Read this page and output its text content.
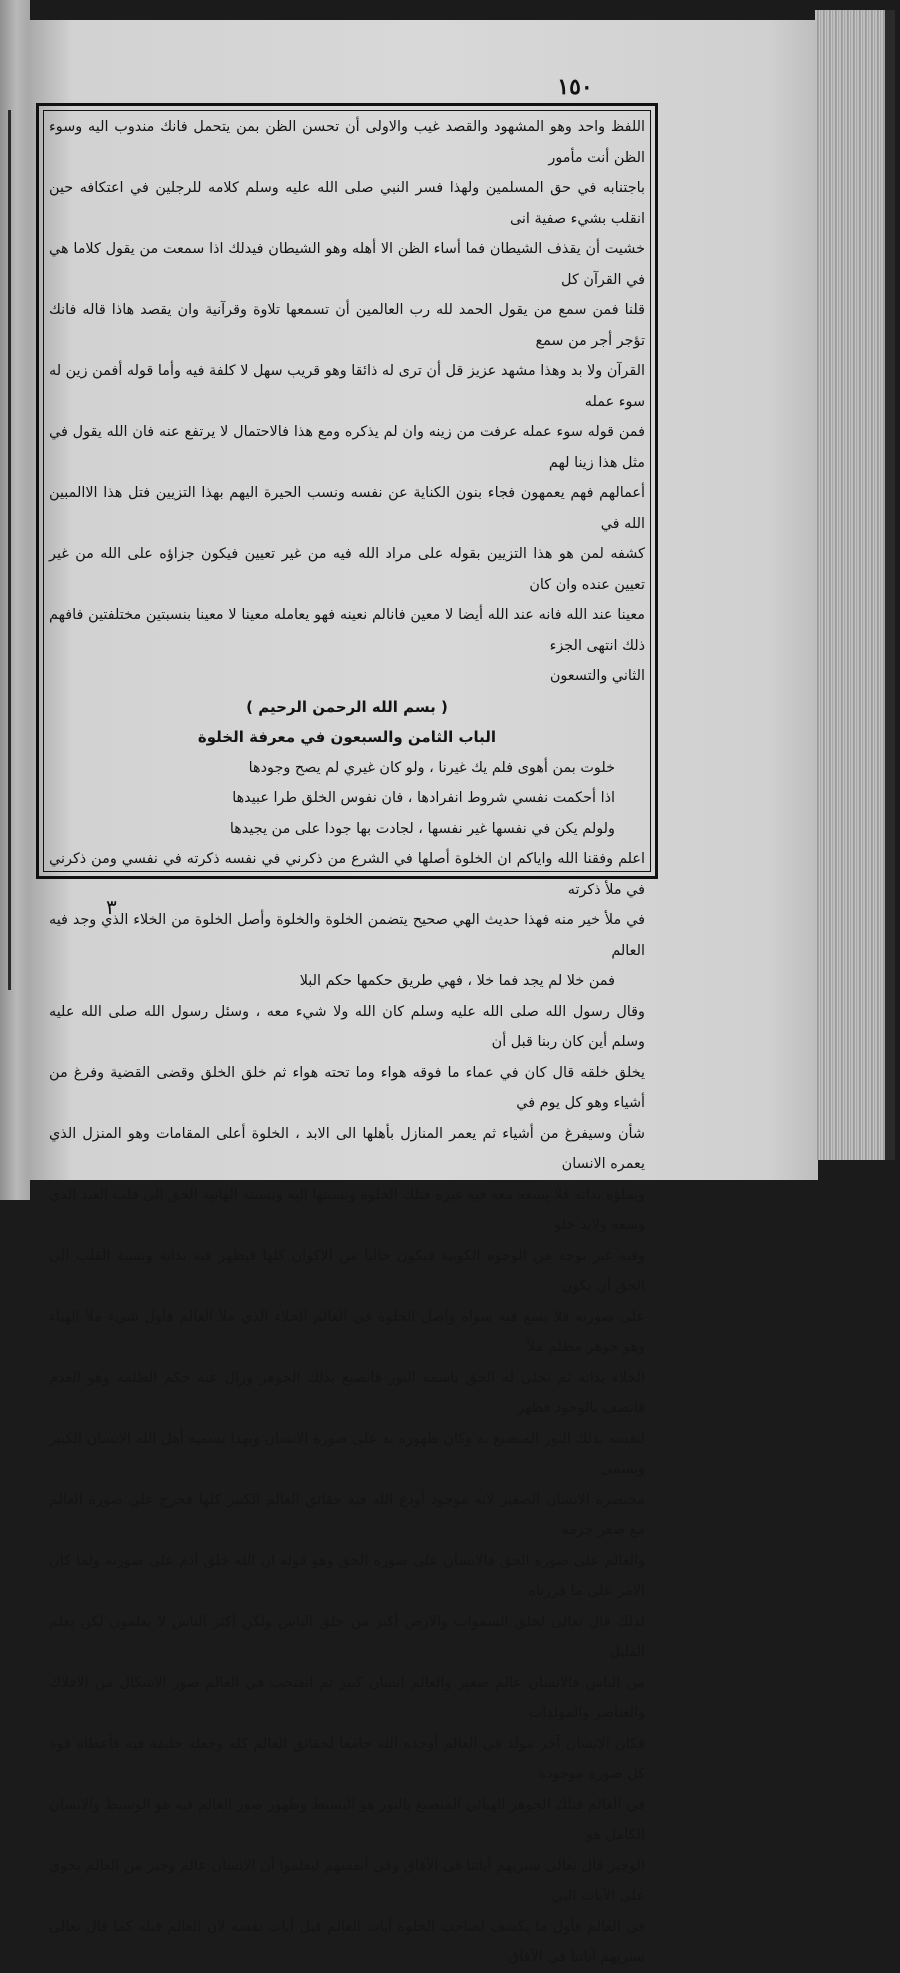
١٥٠

اللفظ واحد وهو المشهود والقصد غيب والاولى أن تحسن الظن بمن يتحمل فانك مندوب اليه وسوء الظن أنت مأمور

باجتنابه في حق المسلمين ولهذا فسر النبي صلى الله عليه وسلم كلامه للرجلين في اعتكافه حين انقلب بشيء صفية انى

خشيت أن يقذف الشيطان فما أساء الظن الا أهله وهو الشيطان فيدلك اذا سمعت من يقول كلاما هي في القرآن كل

قلنا فمن سمع من يقول الحمد لله رب العالمين أن تسمعها تلاوة وقرآنية وان يقصد هاذا قاله فانك تؤجر أجر من سمع

القرآن ولا بد وهذا مشهد عزيز قل أن ترى له ذائقا وهو قريب سهل لا كلفة فيه وأما قوله أفمن زين له سوء عمله

فمن قوله سوء عمله عرفت من زينه وان لم يذكره ومع هذا فالاحتمال لا يرتفع عنه فان الله يقول في مثل هذا زينا لهم

أعمالهم فهم يعمهون فجاء بنون الكناية عن نفسه ونسب الحيرة اليهم بهذا التزيين فتل هذا الاالمبين الله في

كشفه لمن هو هذا التزيين بقوله على مراد الله فيه من غير تعيين فيكون جزاؤه على الله من غير تعيين عنده وان كان

معينا عند الله فانه عند الله أيضا لا معين فانالم نعينه فهو يعامله معينا لا معينا بنسبتين مختلفتين فافهم ذلك انتهى الجزء

الثاني والتسعون

( بسم الله الرحمن الرحيم )

الباب الثامن والسبعون في معرفة الخلوة

خلوت بمن أهوى فلم يك غيرنا ، ولو كان غيري لم يصح وجودها

اذا أحكمت نفسي شروط انفرادها ، فان نفوس الخلق طرا عبيدها

ولولم يكن في نفسها غير نفسها ، لجادت بها جودا على من يجيدها

اعلم وفقنا الله واياكم ان الخلوة أصلها في الشرع من ذكرني في نفسه ذكرته في نفسي ومن ذكرني في ملأ ذكرته

في ملأ خير منه فهذا حديث الهي صحيح يتضمن الخلوة والخلوة وأصل الخلوة من الخلاء الذي وجد فيه العالم

فمن خلا لم يجد فما خلا ، فهي طريق حكمها حكم البلا

وقال رسول الله صلى الله عليه وسلم كان الله ولا شيء معه ، وسئل رسول الله صلى الله عليه وسلم أين كان ربنا قبل أن

يخلق خلقه قال كان في عماء ما فوقه هواء وما تحته هواء ثم خلق الخلق وقضى القضية وفرغ من أشياء وهو كل يوم في

شأن وسيفرغ من أشياء ثم يعمر المنازل بأهلها الى الابد ، الخلوة أعلى المقامات وهو المنزل الذي يعمره الانسان

ويملؤه بذاته فلا يسعه معه فيه غيره فتلك الخلوة ونسبتها اليه ونسبته الهانية الحق الى قلب العبد الذي وسعه ولابد خلو

وفيه غير بوجه من الوجوه الكونية فيكون خاليا من الاكوان كلها فيظهر فيه بذاته ونسبة القلب الى الحق أن يكون

على صورته فلا يسع فيه سواه وأصل الخلوة في العالم الخلاء الذي ملأ العالم فأول شيء ملأ الهباء وهو جوهر مظلم ملأ

الخلاء بذاته ثم تجلى له الحق باسمه النور فانصبغ بذلك الجوهر وزال عنه حكم الظلمة وهو العدم فاتصف بالوجود فظهر

لنفسه بذلك النور المنصبغ به وكان ظهوره به على صورة الانسان وبهذا يسميه أهل الله الانسان الكبير ويسمى

مختصره الانسان الصغير لانه موجود أودع الله فيه حقائق العالم الكبير كلها فخرج على صورة العالم مع صغر جرمه

والعالم على صورة الحق فالانسان على صورة الحق وهو قوله ان الله خلق آدم على صورته ولما كان الامر على ما قررناه

لذلك قال تعالى لخلق السموات والارض أكبر من خلق الناس ولكن أكثر الناس لا يعلمون لكن يعلم القليل

من الناس فالانسان عالم صغير والعالم انسان كبير ثم انفتحت في العالم صور الاشكال من الافلاك والعناصر والمولدات

فكان الانسان آخر مولد في العالم أوجده الله جامعا لحقائق العالم كله وجعله خليفة فيه فأعطاه قوة كل صورة موجودة

في العالم فتلك الجوهر الهبائي المنصبغ بالنور هو البسيط وظهور صور العالم فيه هو الوسيط والانسان الكامل هو

الوجيز قال تعالى سنريهم آياتنا في الآفاق وفي أنفسهم ليعلموا أن الانسان عالم وجيز من العالم يحوي على الآيات التي

في العالم فأول ما يكشف لصاحب الخلوة آيات العالم قبل آيات نفسه لان العالم قبله كما قال تعالى سنريهم آياتنا في الآفاق

٣
